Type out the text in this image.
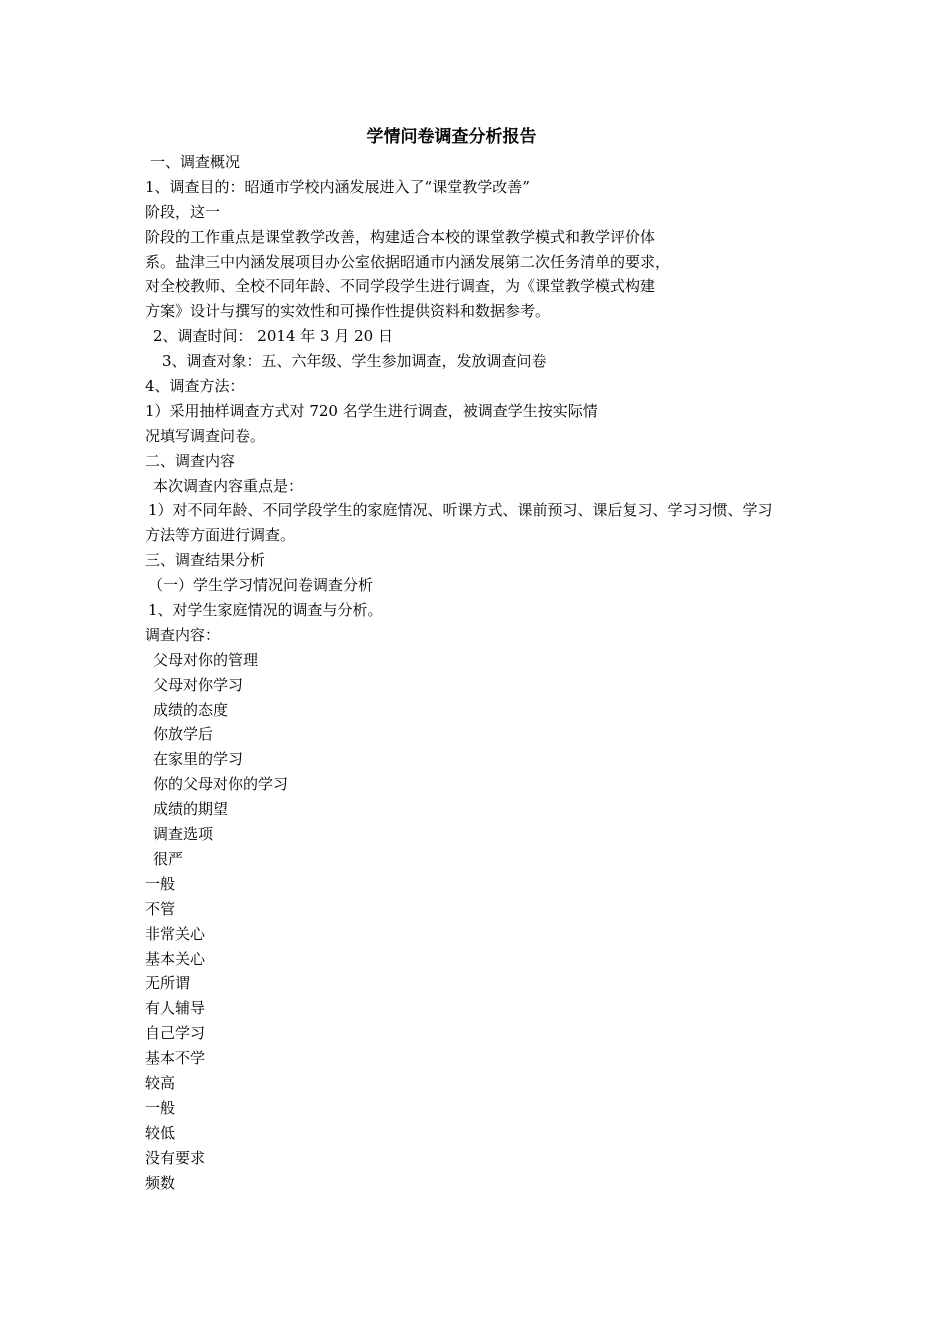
学情问卷调查分析报告
一、调查概况
1、调查目的：昭通市学校内涵发展进入了“课堂教学改善”
阶段，这一
阶段的工作重点是课堂教学改善，构建适合本校的课堂教学模式和教学评价体
系。盐津三中内涵发展项目办公室依据昭通市内涵发展第二次任务清单的要求，
对全校教师、全校不同年龄、不同学段学生进行调查，为《课堂教学模式构建
方案》设计与撰写的实效性和可操作性提供资料和数据参考。
2、调查时间： 2014 年 3 月 20 日
3、调查对象：五、六年级、学生参加调查，发放调查问卷
4、调查方法：
1）采用抽样调查方式对 720 名学生进行调查，被调查学生按实际情
况填写调查问卷。
二、调查内容
本次调查内容重点是：
1）对不同年龄、不同学段学生的家庭情况、听课方式、课前预习、课后复习、学习习惯、学习
方法等方面进行调查。
三、调查结果分析
（一）学生学习情况问卷调查分析
1、对学生家庭情况的调查与分析。
调查内容：
父母对你的管理
父母对你学习
成绩的态度
你放学后
在家里的学习
你的父母对你的学习
成绩的期望
调查选项
很严
一般
不管
非常关心
基本关心
无所谓
有人辅导
自己学习
基本不学
较高
一般
较低
没有要求
频数
